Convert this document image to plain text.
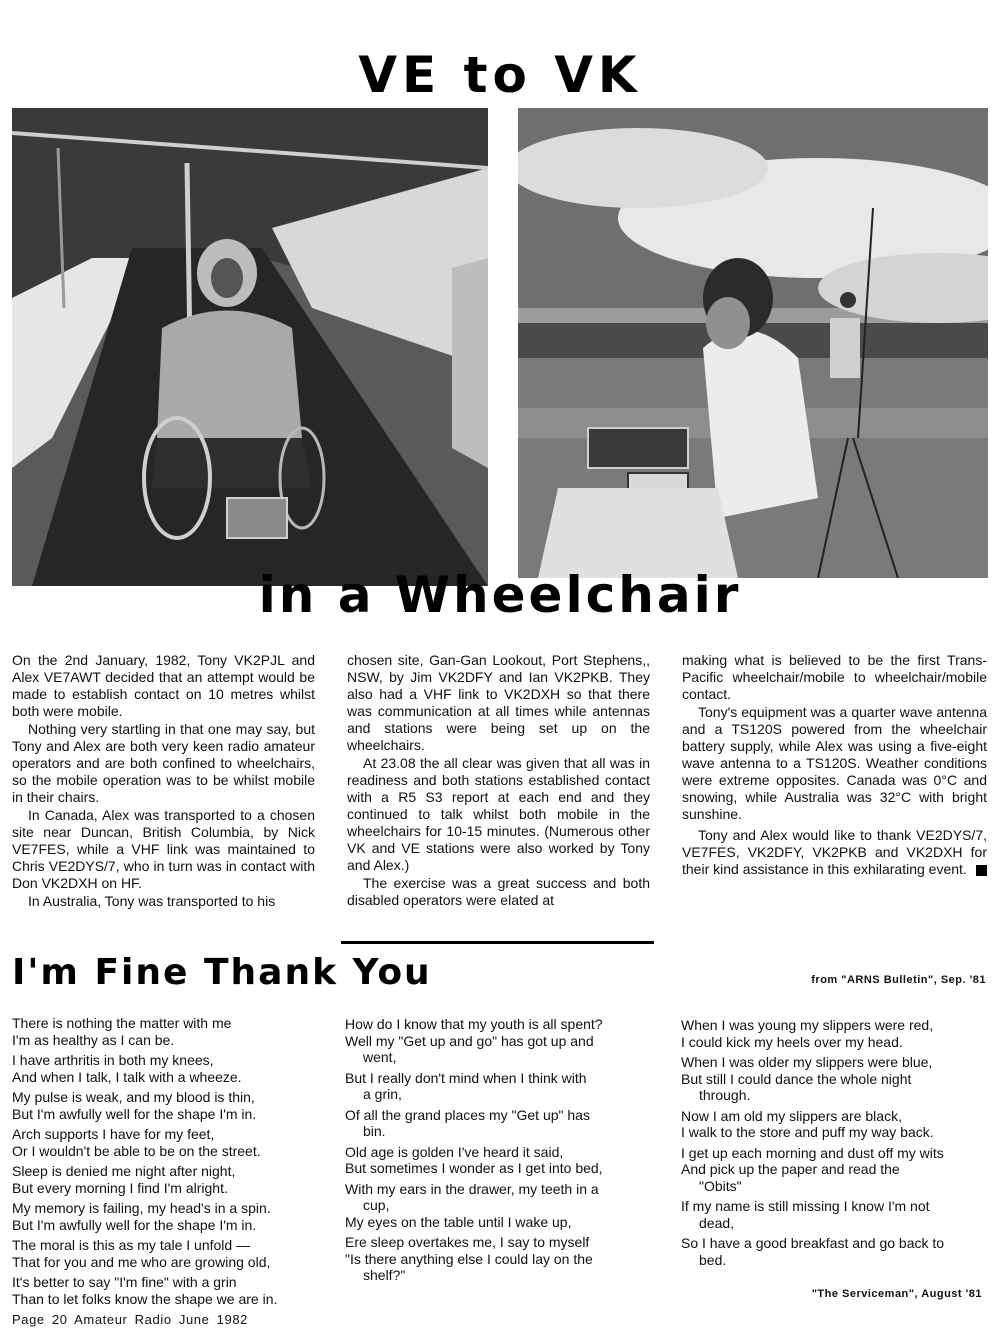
VE to VK
in a Wheelchair

On the 2nd January, 1982, Tony VK2PJL and Alex VE7AWT decided that an attempt would be made to establish contact on 10 metres whilst both were mobile.

Nothing very startling in that one may say, but Tony and Alex are both very keen radio amateur operators and are both confined to wheelchairs, so the mobile operation was to be whilst mobile in their chairs.

In Canada, Alex was transported to a chosen site near Duncan, British Columbia, by Nick VE7FES, while a VHF link was maintained to Chris VE2DYS/7, who in turn was in contact with Don VK2DXH on HF.

In Australia, Tony was transported to his

chosen site, Gan-Gan Lookout, Port Stephens,, NSW, by Jim VK2DFY and Ian VK2PKB. They also had a VHF link to VK2DXH so that there was communication at all times while antennas and stations were being set up on the wheelchairs.

At 23.08 the all clear was given that all was in readiness and both stations established contact with a R5 S3 report at each end and they continued to talk whilst both mobile in the wheelchairs for 10-15 minutes. (Numerous other VK and VE stations were also worked by Tony and Alex.)

The exercise was a great success and both disabled operators were elated at

making what is believed to be the first Trans-Pacific wheelchair/mobile to wheelchair/mobile contact.

Tony's equipment was a quarter wave antenna and a TS120S powered from the wheelchair battery supply, while Alex was using a five-eight wave antenna to a TS120S. Weather conditions were extreme opposites. Canada was 0°C and snowing, while Australia was 32°C with bright sunshine.

Tony and Alex would like to thank VE2DYS/7, VE7FES, VK2DFY, VK2PKB and VK2DXH for their kind assistance in this exhilarating event.

I'm Fine Thank You	from "ARNS Bulletin", Sep. '81
There is nothing the matter with me
I'm as healthy as I can be.
I have arthritis in both my knees,
And when I talk, I talk with a wheeze.
My pulse is weak, and my blood is thin,
But I'm awfully well for the shape I'm in.
Arch supports I have for my feet,
Or I wouldn't be able to be on the street.
Sleep is denied me night after night,
But every morning I find I'm alright.
My memory is failing, my head's in a spin.
But I'm awfully well for the shape I'm in.
The moral is this as my tale I unfold —
That for you and me who are growing old,
It's better to say "I'm fine" with a grin
Than to let folks know the shape we are in.
How do I know that my youth is all spent?
Well my "Get up and go" has got up and
went,
But I really don't mind when I think with
a grin,
Of all the grand places my "Get up" has
bin.
Old age is golden I've heard it said,
But sometimes I wonder as I get into bed,
With my ears in the drawer, my teeth in a
cup,
My eyes on the table until I wake up,
Ere sleep overtakes me, I say to myself
"Is there anything else I could lay on the
shelf?"
When I was young my slippers were red,
I could kick my heels over my head.
When I was older my slippers were blue,
But still I could dance the whole night
through.
Now I am old my slippers are black,
I walk to the store and puff my way back.
I get up each morning and dust off my wits
And pick up the paper and read the
"Obits"
If my name is still missing I know I'm not
dead,
So I have a good breakfast and go back to
bed.
"The Serviceman", August '81
Page 20 Amateur Radio June 1982
